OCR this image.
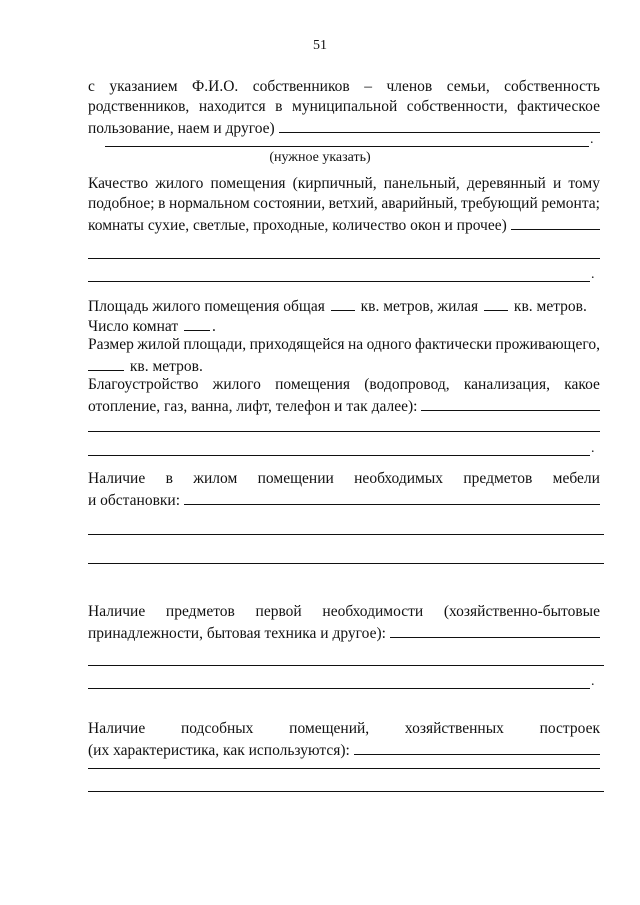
51
с указанием Ф.И.О. собственников – членов семьи, собственность
родственников, находится в муниципальной собственности, фактическое
пользование, наем и другое)
.
(нужное указать)
Качество жилого помещения (кирпичный, панельный, деревянный и тому
подобное; в нормальном состоянии, ветхий, аварийный, требующий ремонта;
комнаты сухие, светлые, проходные, количество окон и прочее)
.
Площадь жилого помещения общая кв. метров, жилая кв. метров.
Число комнат .
Размер жилой площади, приходящейся на одного фактически проживающего,
кв. метров.
Благоустройство жилого помещения (водопровод, канализация, какое
отопление, газ, ванна, лифт, телефон и так далее):
.
Наличие в жилом помещении необходимых предметов мебели
и обстановки:
Наличие предметов первой необходимости (хозяйственно-бытовые
принадлежности, бытовая техника и другое):
.
Наличие подсобных помещений, хозяйственных построек
(их характеристика, как используются):
